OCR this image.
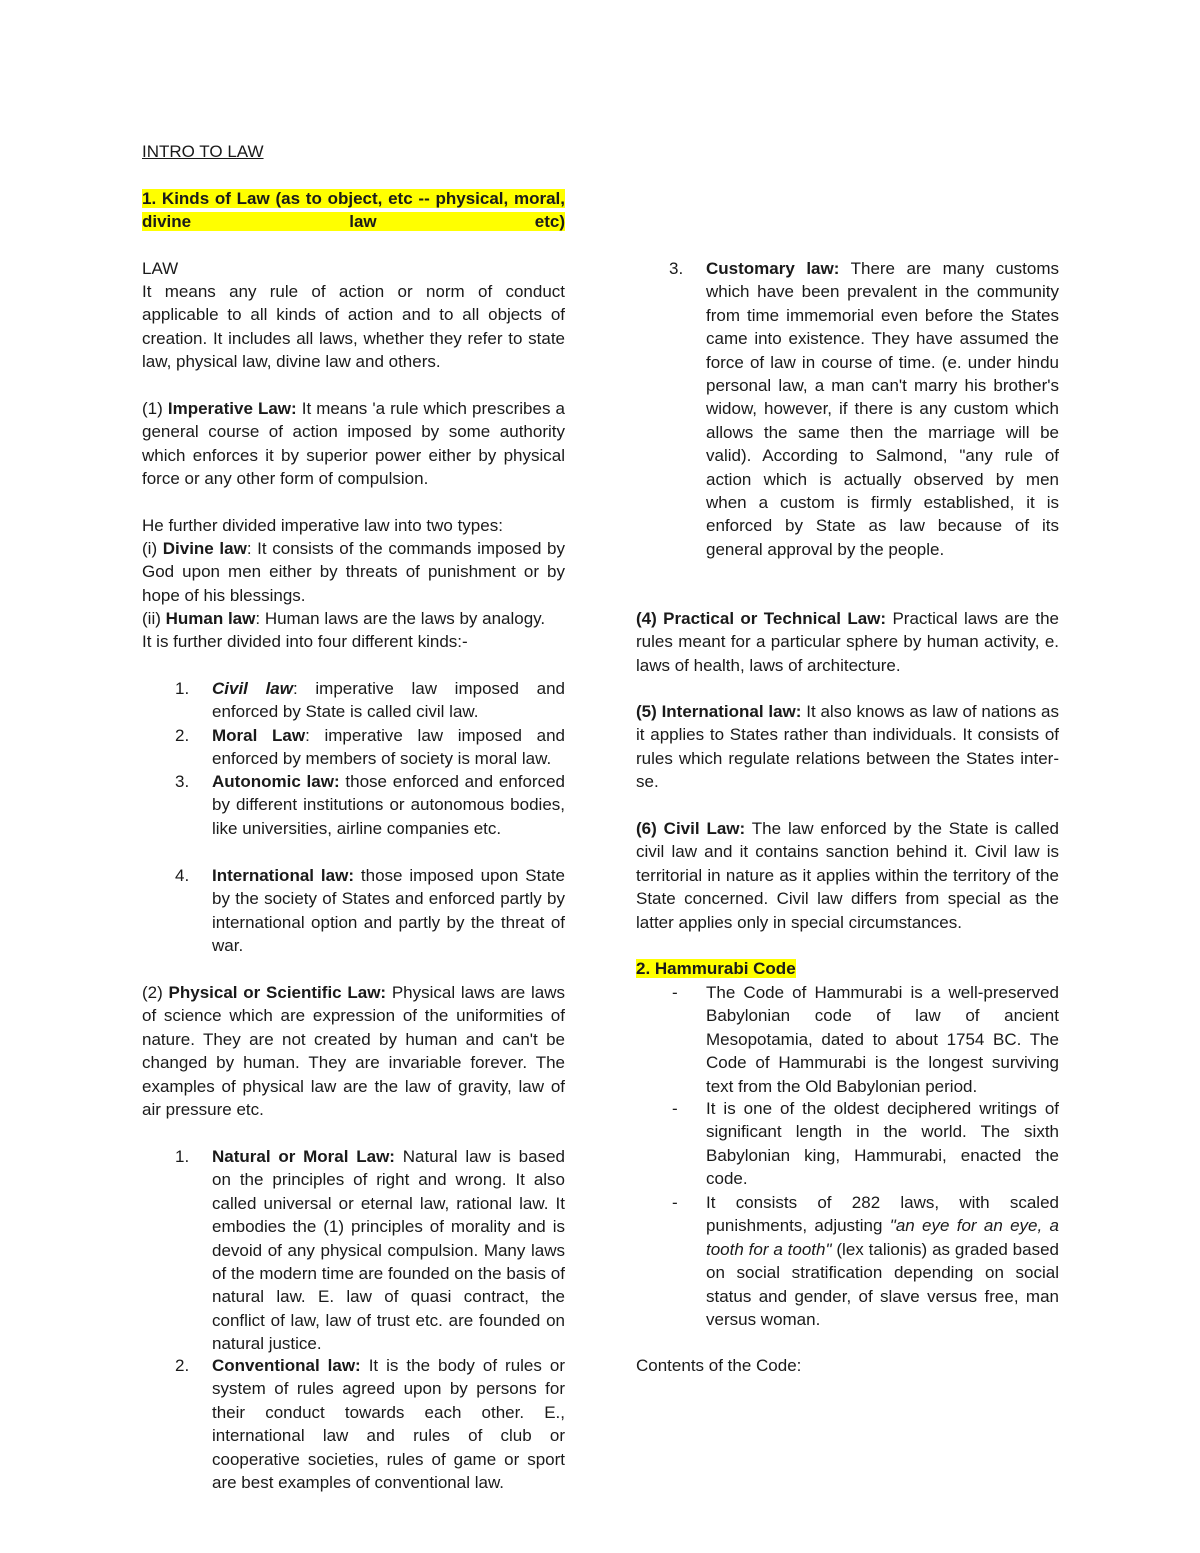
INTRO TO LAW

1. Kinds of Law (as to object, etc -- physical, moral, divine law etc)

LAW

It means any rule of action or norm of conduct applicable to all kinds of action and to all objects of creation. It includes all laws, whether they refer to state law, physical law, divine law and others.

(1) Imperative Law: It means 'a rule which prescribes a general course of action imposed by some authority which enforces it by superior power either by physical force or any other form of compulsion.

He further divided imperative law into two types:

(i) Divine law: It consists of the commands imposed by God upon men either by threats of punishment or by hope of his blessings.

(ii) Human law: Human laws are the laws by analogy.

It is further divided into four different kinds:-

1. Civil law: imperative law imposed and enforced by State is called civil law.

2. Moral Law: imperative law imposed and enforced by members of society is moral law.

3. Autonomic law: those enforced and enforced by different institutions or autonomous bodies, like universities, airline companies etc.

4. International law: those imposed upon State by the society of States and enforced partly by international option and partly by the threat of war.

(2) Physical or Scientific Law: Physical laws are laws of science which are expression of the uniformities of nature. They are not created by human and can't be changed by human. They are invariable forever. The examples of physical law are the law of gravity, law of air pressure etc.

1. Natural or Moral Law: Natural law is based on the principles of right and wrong. It also called universal or eternal law, rational law. It embodies the (1) principles of morality and is devoid of any physical compulsion. Many laws of the modern time are founded on the basis of natural law. E. law of quasi contract, the conflict of law, law of trust etc. are founded on natural justice.

2. Conventional law: It is the body of rules or system of rules agreed upon by persons for their conduct towards each other. E., international law and rules of club or cooperative societies, rules of game or sport are best examples of conventional law.

3. Customary law: There are many customs which have been prevalent in the community from time immemorial even before the States came into existence. They have assumed the force of law in course of time. (e. under hindu personal law, a man can't marry his brother's widow, however, if there is any custom which allows the same then the marriage will be valid). According to Salmond, "any rule of action which is actually observed by men when a custom is firmly established, it is enforced by State as law because of its general approval by the people.

(4) Practical or Technical Law: Practical laws are the rules meant for a particular sphere by human activity, e. laws of health, laws of architecture.

(5) International law: It also knows as law of nations as it applies to States rather than individuals. It consists of rules which regulate relations between the States inter-se.

(6) Civil Law: The law enforced by the State is called civil law and it contains sanction behind it. Civil law is territorial in nature as it applies within the territory of the State concerned. Civil law differs from special as the latter applies only in special circumstances.

2. Hammurabi Code

- The Code of Hammurabi is a well-preserved Babylonian code of law of ancient Mesopotamia, dated to about 1754 BC. The Code of Hammurabi is the longest surviving text from the Old Babylonian period.

- It is one of the oldest deciphered writings of significant length in the world. The sixth Babylonian king, Hammurabi, enacted the code.

- It consists of 282 laws, with scaled punishments, adjusting "an eye for an eye, a tooth for a tooth" (lex talionis) as graded based on social stratification depending on social status and gender, of slave versus free, man versus woman.

Contents of the Code:
